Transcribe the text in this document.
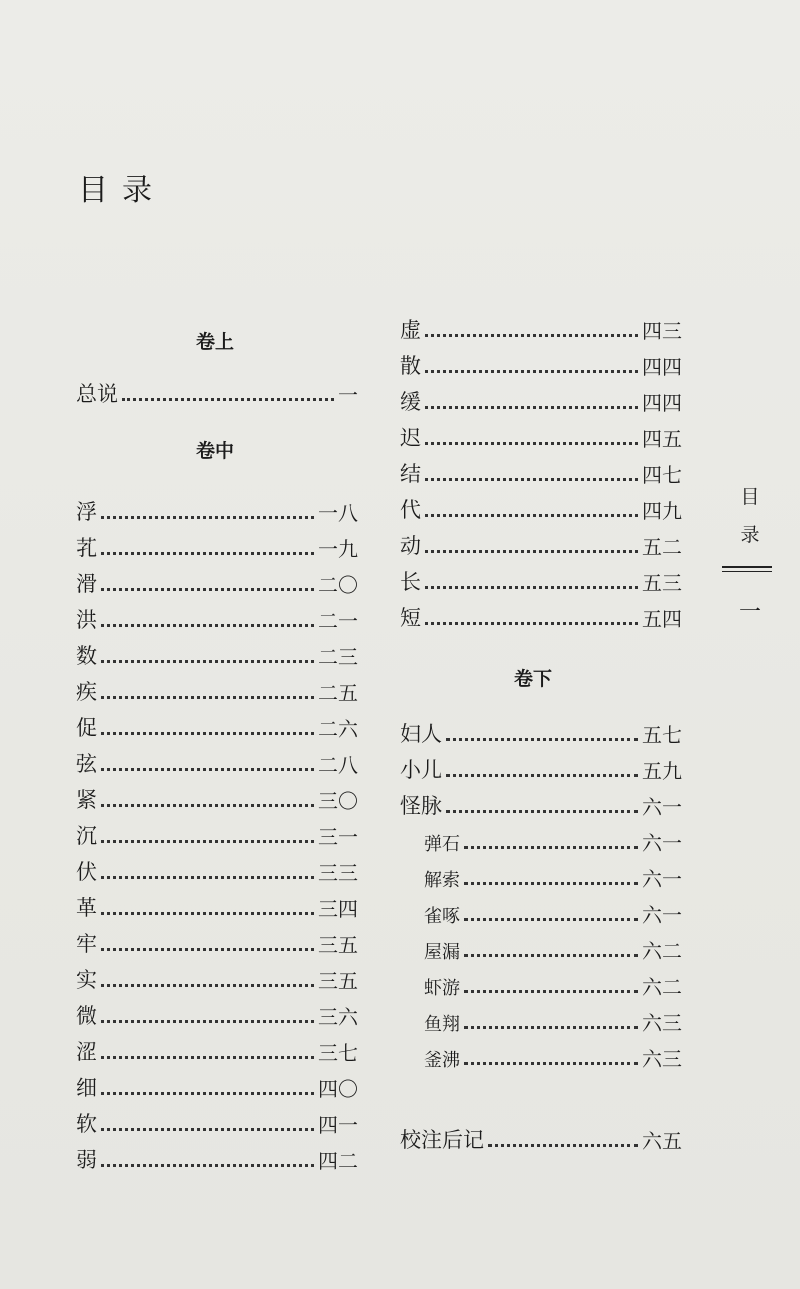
目录
目
录
一
卷上
卷中
卷下
总说	一
浮	一八
芤	一九
滑	二〇
洪	二一
数	二三
疾	二五
促	二六
弦	二八
紧	三〇
沉	三一
伏	三三
革	三四
牢	三五
实	三五
微	三六
涩	三七
细	四〇
软	四一
弱	四二
虚	四三
散	四四
缓	四四
迟	四五
结	四七
代	四九
动	五二
长	五三
短	五四
妇人	五七
小儿	五九
怪脉	六一
弹石	六一
解索	六一
雀啄	六一
屋漏	六二
虾游	六二
鱼翔	六三
釜沸	六三
校注后记	六五
